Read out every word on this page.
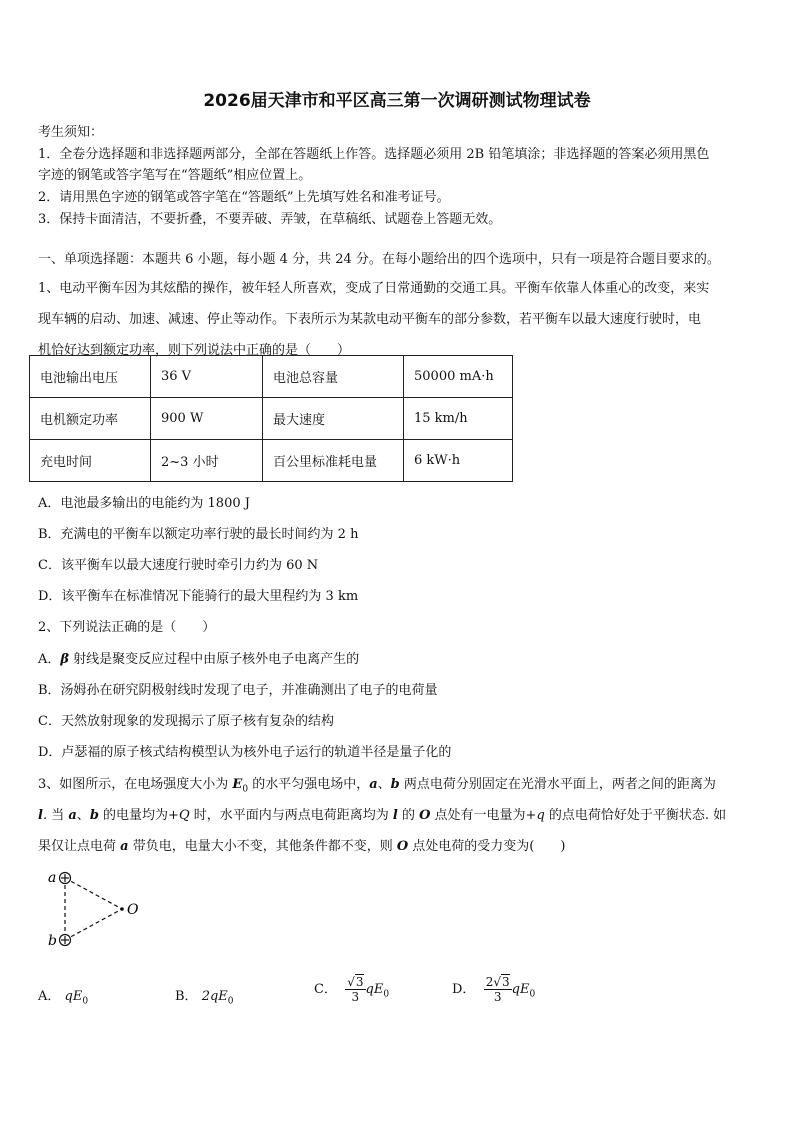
2026届天津市和平区高三第一次调研测试物理试卷
考生须知：
1．全卷分选择题和非选择题两部分，全部在答题纸上作答。选择题必须用 2B 铅笔填涂；非选择题的答案必须用黑色
字迹的钢笔或答字笔写在“答题纸”相应位置上。
2．请用黑色字迹的钢笔或答字笔在“答题纸”上先填写姓名和准考证号。
3．保持卡面清洁，不要折叠，不要弄破、弄皱，在草稿纸、试题卷上答题无效。
一、单项选择题：本题共 6 小题，每小题 4 分，共 24 分。在每小题给出的四个选项中，只有一项是符合题目要求的。
1、电动平衡车因为其炫酷的操作，被年轻人所喜欢，变成了日常通勤的交通工具。平衡车依靠人体重心的改变，来实
现车辆的启动、加速、减速、停止等动作。下表所示为某款电动平衡车的部分参数，若平衡车以最大速度行驶时，电
机恰好达到额定功率，则下列说法中正确的是（　　）
电池输出电压	36 V	电池总容量	50000 mA·h
电机额定功率	900 W	最大速度	15 km/h
充电时间	2~3 小时	百公里标准耗电量	6 kW·h
A．电池最多输出的电能约为 1800 J
B．充满电的平衡车以额定功率行驶的最长时间约为 2 h
C．该平衡车以最大速度行驶时牵引力约为 60 N
D．该平衡车在标准情况下能骑行的最大里程约为 3 km
2、下列说法正确的是（　　）
A．β 射线是聚变反应过程中由原子核外电子电离产生的
B．汤姆孙在研究阴极射线时发现了电子，并准确测出了电子的电荷量
C．天然放射现象的发现揭示了原子核有复杂的结构
D．卢瑟福的原子核式结构模型认为核外电子运行的轨道半径是量子化的
3、如图所示，在电场强度大小为 $E_0$ 的水平匀强电场中，a、b 两点电荷分别固定在光滑水平面上，两者之间的距离为
l. 当 a、b 的电量均为+Q 时，水平面内与两点电荷距离均为 l 的 O 点处有一电量为+q 的点电荷恰好处于平衡状态. 如
果仅让点电荷 a 带负电，电量大小不变，其他条件都不变，则 O 点处电荷的受力变为(　　)
a
b
O
A． $qE_0$	B． $2qE_0$
C． $\frac{√3}{3} qE_0$	D． $\frac{2√3}{3} qE_0$
